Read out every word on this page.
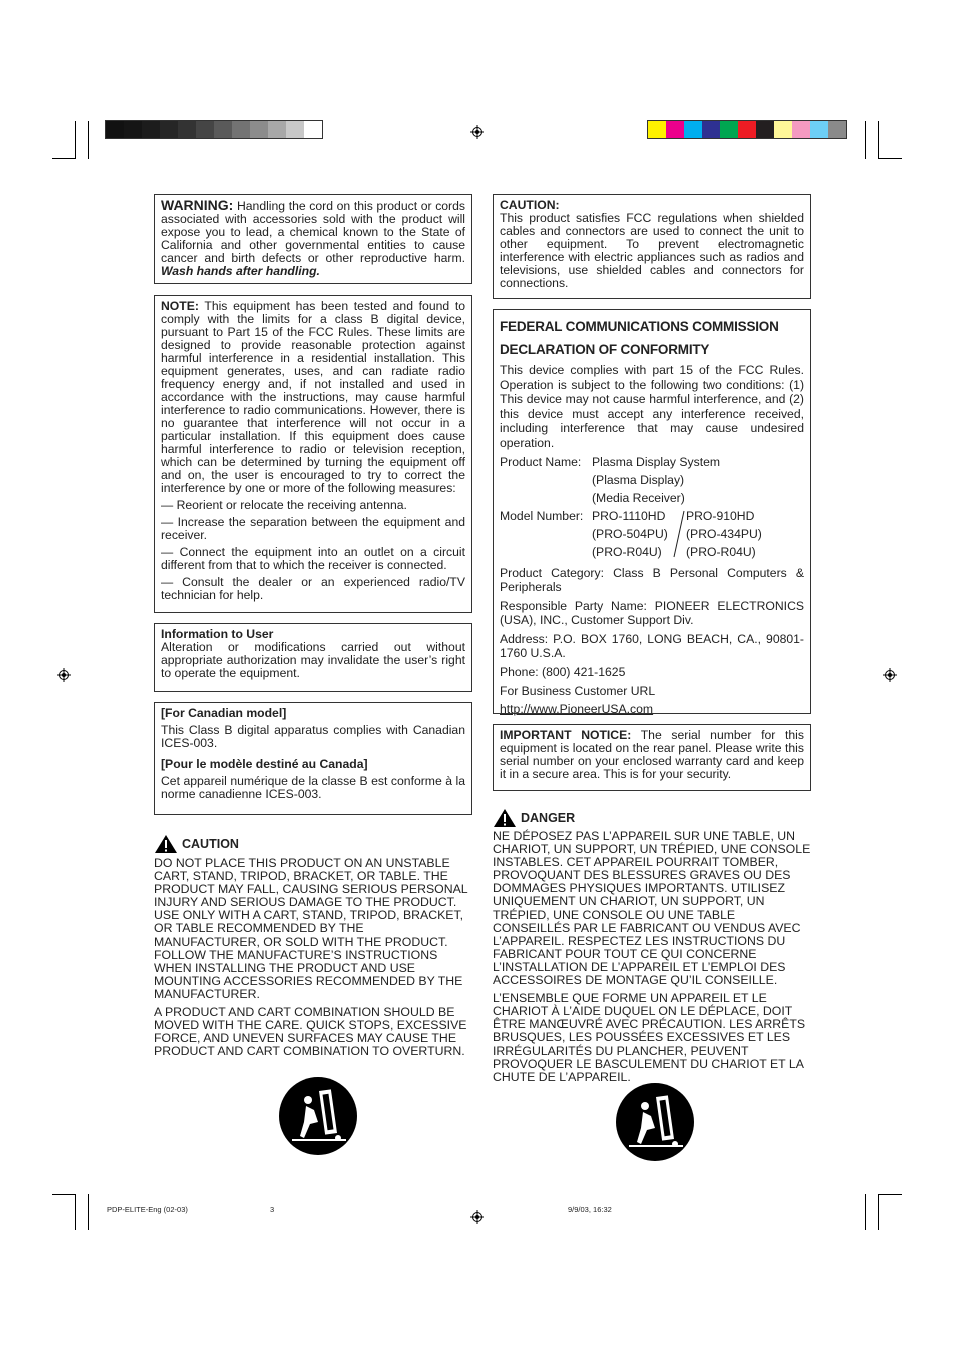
WARNING: Handling the cord on this product or cords associated with accessories sold with the product will expose you to lead, a chemical known to the State of California and other governmental entities to cause cancer and birth defects or other reproductive harm. Wash hands after handling.

NOTE: This equipment has been tested and found to comply with the limits for a class B digital device, pursuant to Part 15 of the FCC Rules. These limits are designed to provide reasonable protection against harmful interference in a residential installation. This equipment generates, uses, and can radiate radio frequency energy and, if not installed and used in accordance with the instructions, may cause harmful interference to radio communications. However, there is no guarantee that interference will not occur in a particular installation. If this equipment does cause harmful interference to radio or television reception, which can be determined by turning the equipment off and on, the user is encouraged to try to correct the interference by one or more of the following measures:

— Reorient or relocate the receiving antenna.

— Increase the separation between the equipment and receiver.

— Connect the equipment into an outlet on a circuit different from that to which the receiver is connected.

— Consult the dealer or an experienced radio/TV technician for help.

Information to User

Alteration or modifications carried out without appropriate authorization may invalidate the user’s right to operate the equipment.

[For Canadian model]

This Class B digital apparatus complies with Canadian ICES-003.

[Pour le modèle destiné au Canada]

Cet appareil numérique de la classe B est conforme à la norme canadienne ICES-003.

CAUTION

DO NOT PLACE THIS PRODUCT ON AN UNSTABLE CART, STAND, TRIPOD, BRACKET, OR TABLE. THE PRODUCT MAY FALL, CAUSING SERIOUS PERSONAL INJURY AND SERIOUS DAMAGE TO THE PRODUCT. USE ONLY WITH A CART, STAND, TRIPOD, BRACKET, OR TABLE RECOMMENDED BY THE MANUFACTURER, OR SOLD WITH THE PRODUCT. FOLLOW THE MANUFACTURE’S INSTRUCTIONS WHEN INSTALLING THE PRODUCT AND USE MOUNTING ACCESSORIES RECOMMENDED BY THE MANUFACTURER.

A PRODUCT AND CART COMBINATION SHOULD BE MOVED WITH THE CARE. QUICK STOPS, EXCESSIVE FORCE, AND UNEVEN SURFACES MAY CAUSE THE PRODUCT AND CART COMBINATION TO OVERTURN.

CAUTION:

This product satisfies FCC regulations when shielded cables and connectors are used to connect the unit to other equipment. To prevent electromagnetic interference with electric appliances such as radios and televisions, use shielded cables and connectors for connections.

FEDERAL COMMUNICATIONS COMMISSION
DECLARATION OF CONFORMITY

This device complies with part 15 of the FCC Rules. Operation is subject to the following two conditions: (1) This device may not cause harmful interference, and (2) this device must accept any interference received, including interference that may cause undesired operation.

Product Name: Plasma Display System
(Plasma Display)
(Media Receiver)
Model Number: PRO-1110HD
(PRO-504PU)
(PRO-R04U)
PRO-910HD
(PRO-434PU)
(PRO-R04U)

Product Category: Class B Personal Computers & Peripherals

Responsible Party Name: PIONEER ELECTRONICS (USA), INC., Customer Support Div.

Address: P.O. BOX 1760, LONG BEACH, CA., 90801-1760 U.S.A.

Phone: (800) 421-1625

For Business Customer URL

http://www.PioneerUSA.com

IMPORTANT NOTICE: The serial number for this equipment is located on the rear panel. Please write this serial number on your enclosed warranty card and keep it in a secure area. This is for your security.

DANGER

NE DÉPOSEZ PAS L’APPAREIL SUR UNE TABLE, UN CHARIOT, UN SUPPORT, UN TRÉPIED, UNE CONSOLE INSTABLES. CET APPAREIL POURRAIT TOMBER, PROVOQUANT DES BLESSURES GRAVES OU DES DOMMAGES PHYSIQUES IMPORTANTS. UTILISEZ UNIQUEMENT UN CHARIOT, UN SUPPORT, UN TRÉPIED, UNE CONSOLE OU UNE TABLE CONSEILLÉS PAR LE FABRICANT OU VENDUS AVEC L’APPAREIL. RESPECTEZ LES INSTRUCTIONS DU FABRICANT POUR TOUT CE QUI CONCERNE L’INSTALLATION DE L’APPAREIL ET L’EMPLOI DES ACCESSOIRES DE MONTAGE QU’IL CONSEILLE.

L’ENSEMBLE QUE FORME UN APPAREIL ET LE CHARIOT À L’AIDE DUQUEL ON LE DÉPLACE, DOIT ÊTRE MANŒUVRÉ AVEC PRÉCAUTION. LES ARRÊTS BRUSQUES, LES POUSSÉES EXCESSIVES ET LES IRRÉGULARITÉS DU PLANCHER, PEUVENT PROVOQUER LE BASCULEMENT DU CHARIOT ET LA CHUTE DE L’APPAREIL.

PDP-ELITE-Eng (02-03)	3	9/9/03, 16:32
